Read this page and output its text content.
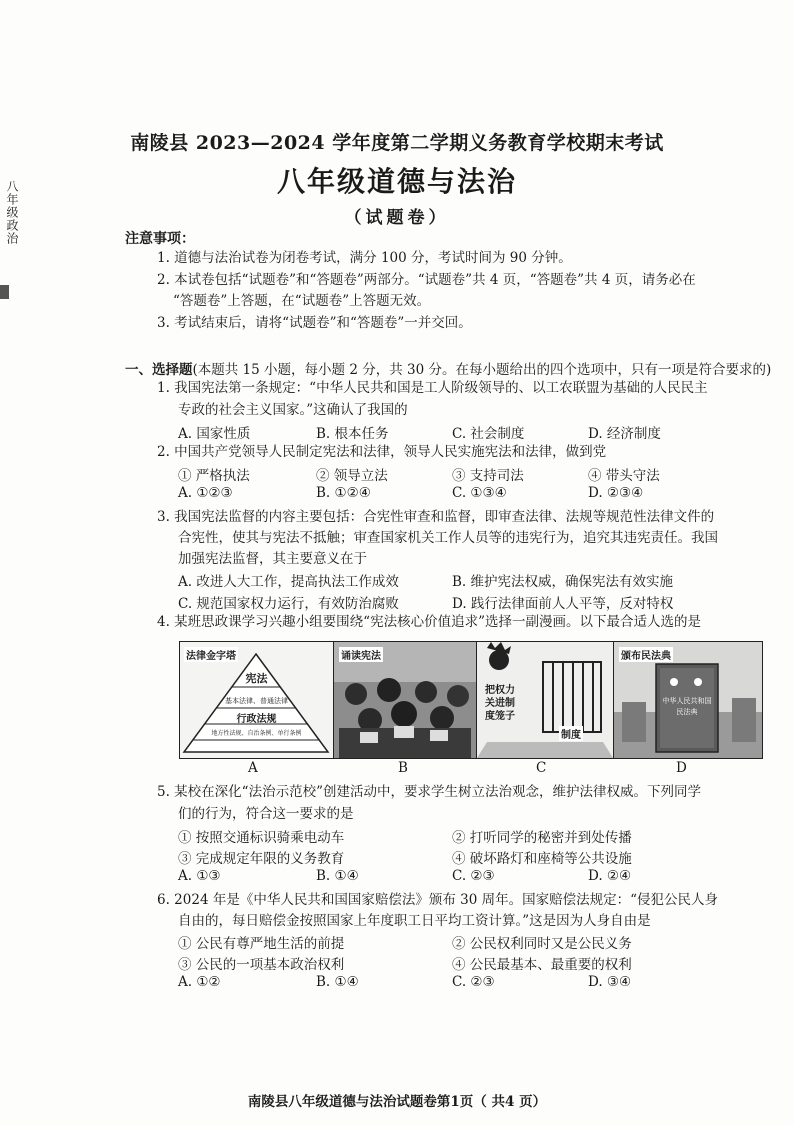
八年级政治
南陵县 2023—2024 学年度第二学期义务教育学校期末考试
八年级道德与法治
（试题卷）
注意事项：
1. 道德与法治试卷为闭卷考试，满分 100 分，考试时间为 90 分钟。
2. 本试卷包括“试题卷”和“答题卷”两部分。“试题卷”共 4 页，“答题卷”共 4 页，请务必在
“答题卷”上答题，在“试题卷”上答题无效。
3. 考试结束后，请将“试题卷”和“答题卷”一并交回。
一、选择题(本题共 15 小题，每小题 2 分，共 30 分。在每小题给出的四个选项中，只有一项是符合要求的)
1. 我国宪法第一条规定：“中华人民共和国是工人阶级领导的、以工农联盟为基础的人民民主
专政的社会主义国家。”这确认了我国的
A. 国家性质	B. 根本任务	C. 社会制度	D. 经济制度
2. 中国共产党领导人民制定宪法和法律，领导人民实施宪法和法律，做到党
① 严格执法	② 领导立法	③ 支持司法	④ 带头守法
A. ①②③	B. ①②④	C. ①③④	D. ②③④
3. 我国宪法监督的内容主要包括：合宪性审查和监督，即审查法律、法规等规范性法律文件的
合宪性，使其与宪法不抵触；审查国家机关工作人员等的违宪行为，追究其违宪责任。我国
加强宪法监督，其主要意义在于
A. 改进人大工作，提高执法工作成效	B. 维护宪法权威，确保宪法有效实施
C. 规范国家权力运行，有效防治腐败	D. 践行法律面前人人平等，反对特权
4. 某班思政课学习兴趣小组要围绕“宪法核心价值追求”选择一副漫画。以下最合适人选的是
法律金字塔
宪法
基本法律、普通法律
行政法规
地方性法规、自治条例、单行条例
诵读宪法
把权力
关进制
度笼子
制度
颁布民法典
中华人民共和国
民法典
A	B	C	D
5. 某校在深化“法治示范校”创建活动中，要求学生树立法治观念，维护法律权威。下列同学
们的行为，符合这一要求的是
① 按照交通标识骑乘电动车	② 打听同学的秘密并到处传播
③ 完成规定年限的义务教育	④ 破坏路灯和座椅等公共设施
A. ①③	B. ①④	C. ②③	D. ②④
6. 2024 年是《中华人民共和国国家赔偿法》颁布 30 周年。国家赔偿法规定：“侵犯公民人身
自由的，每日赔偿金按照国家上年度职工日平均工资计算。”这是因为人身自由是
① 公民有尊严地生活的前提	② 公民权利同时又是公民义务
③ 公民的一项基本政治权利	④ 公民最基本、最重要的权利
A. ①②	B. ①④	C. ②③	D. ③④
南陵县八年级道德与法治试题卷第1页（ 共4 页）
